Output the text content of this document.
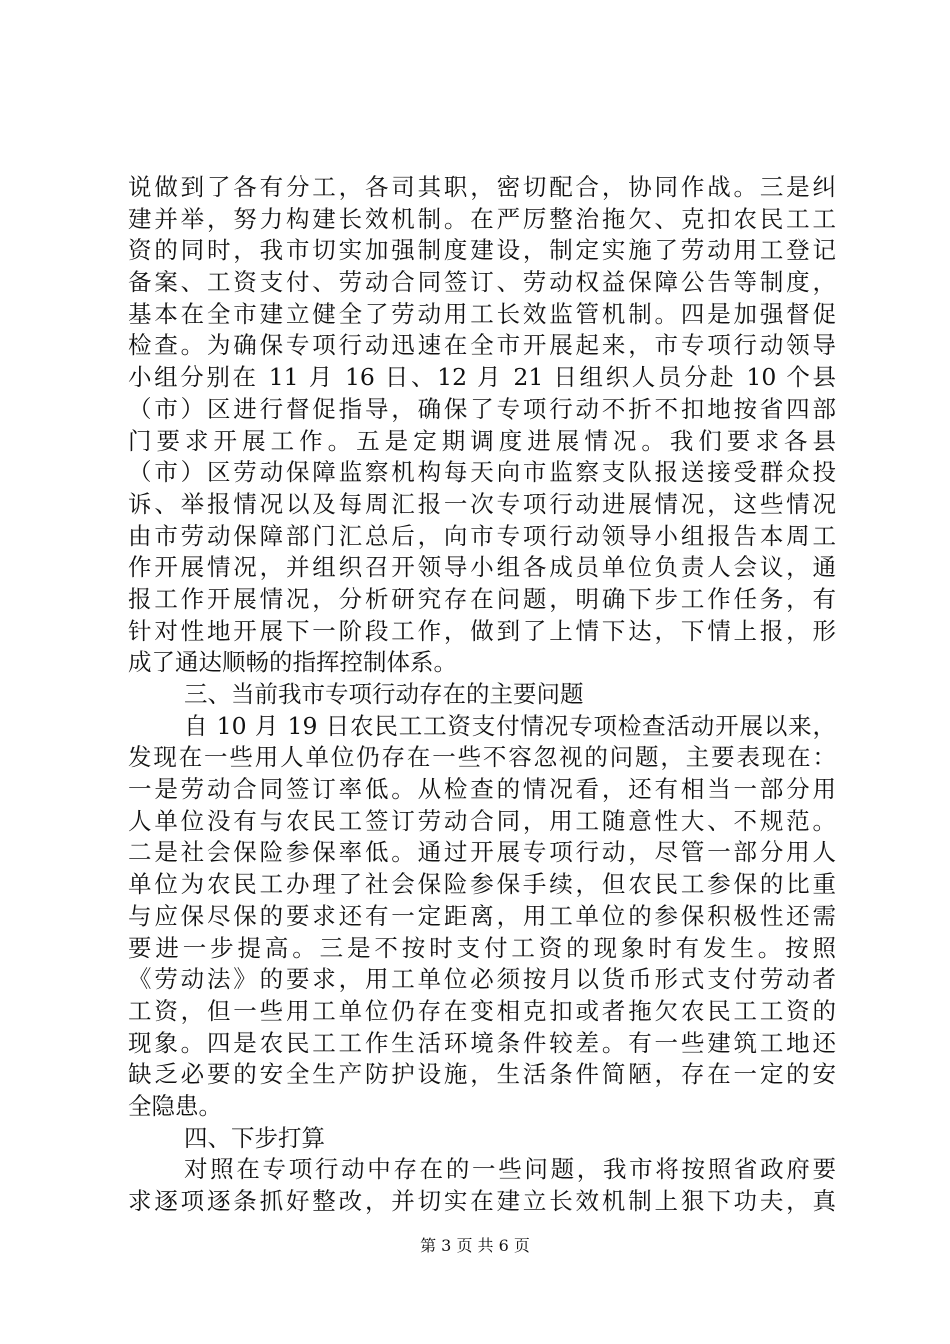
说做到了各有分工，各司其职，密切配合，协同作战。三是纠
建并举，努力构建长效机制。在严厉整治拖欠、克扣农民工工
资的同时，我市切实加强制度建设，制定实施了劳动用工登记
备案、工资支付、劳动合同签订、劳动权益保障公告等制度，
基本在全市建立健全了劳动用工长效监管机制。四是加强督促
检查。为确保专项行动迅速在全市开展起来，市专项行动领导
小组分别在 11 月 16 日、12 月 21 日组织人员分赴 10 个县
（市）区进行督促指导，确保了专项行动不折不扣地按省四部
门要求开展工作。五是定期调度进展情况。我们要求各县
（市）区劳动保障监察机构每天向市监察支队报送接受群众投
诉、举报情况以及每周汇报一次专项行动进展情况，这些情况
由市劳动保障部门汇总后，向市专项行动领导小组报告本周工
作开展情况，并组织召开领导小组各成员单位负责人会议，通
报工作开展情况，分析研究存在问题，明确下步工作任务，有
针对性地开展下一阶段工作，做到了上情下达，下情上报，形
成了通达顺畅的指挥控制体系。
三、当前我市专项行动存在的主要问题
自 10 月 19 日农民工工资支付情况专项检查活动开展以来，
发现在一些用人单位仍存在一些不容忽视的问题，主要表现在：
一是劳动合同签订率低。从检查的情况看，还有相当一部分用
人单位没有与农民工签订劳动合同，用工随意性大、不规范。
二是社会保险参保率低。通过开展专项行动，尽管一部分用人
单位为农民工办理了社会保险参保手续，但农民工参保的比重
与应保尽保的要求还有一定距离，用工单位的参保积极性还需
要进一步提高。三是不按时支付工资的现象时有发生。按照
《劳动法》的要求，用工单位必须按月以货币形式支付劳动者
工资，但一些用工单位仍存在变相克扣或者拖欠农民工工资的
现象。四是农民工工作生活环境条件较差。有一些建筑工地还
缺乏必要的安全生产防护设施，生活条件简陋，存在一定的安
全隐患。
四、下步打算
对照在专项行动中存在的一些问题，我市将按照省政府要
求逐项逐条抓好整改，并切实在建立长效机制上狠下功夫，真
第 3 页 共 6 页
